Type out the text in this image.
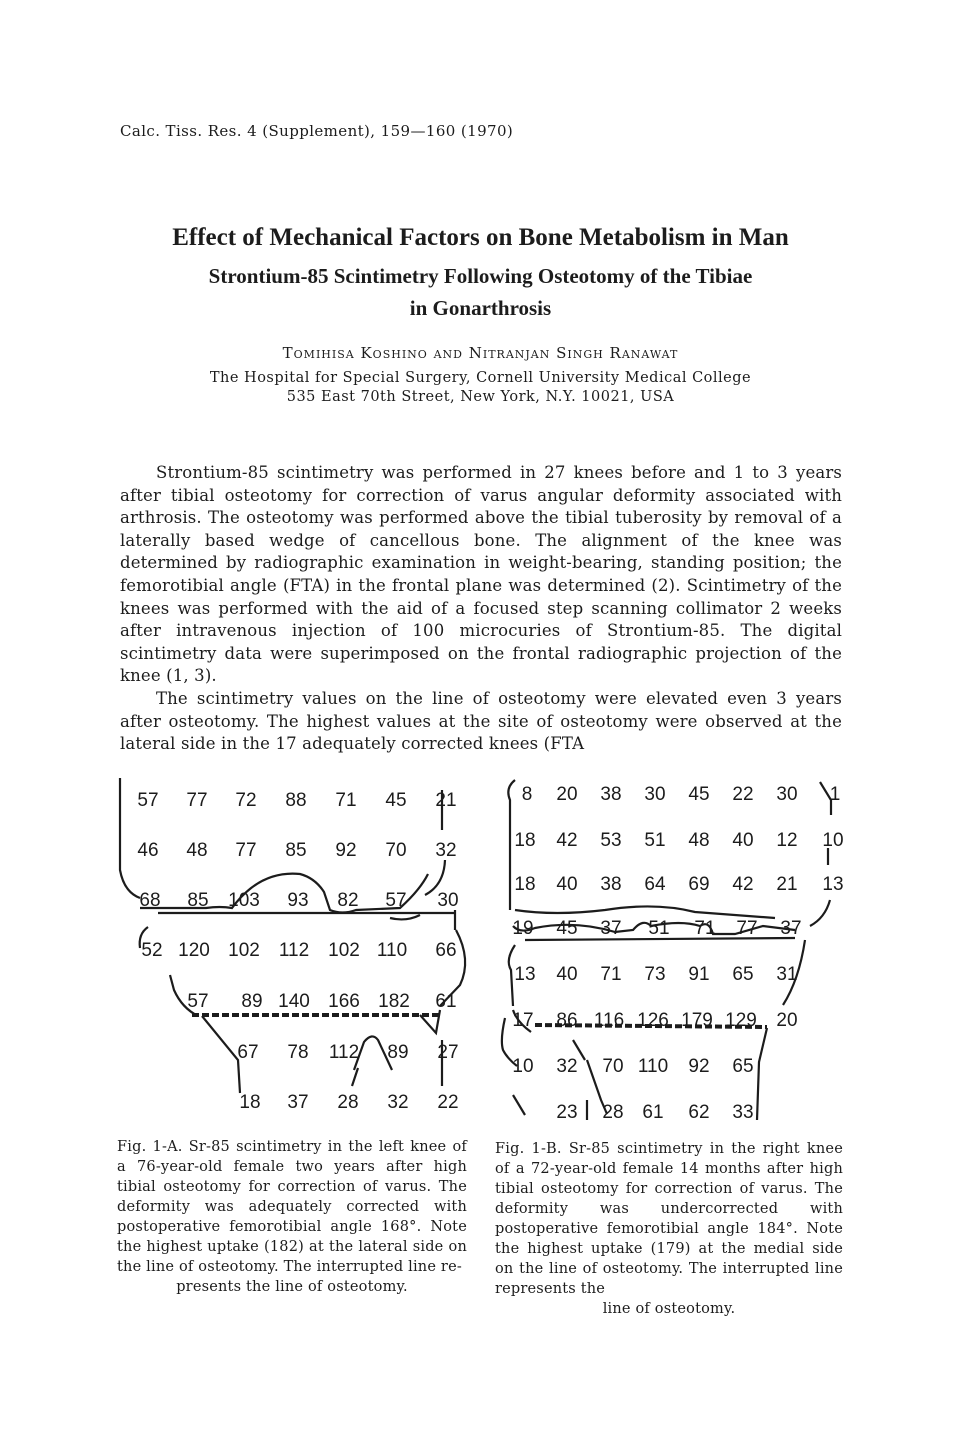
Calc. Tiss. Res. 4 (Supplement), 159—160 (1970)
Effect of Mechanical Factors on Bone Metabolism in Man
Strontium-85 Scintimetry Following Osteotomy of the Tibiae
in Gonarthrosis
Tomihisa Koshino and Nitranjan Singh Ranawat
The Hospital for Special Surgery, Cornell University Medical College
535 East 70th Street, New York, N.Y. 10021, USA

Strontium-85 scintimetry was performed in 27 knees before and 1 to 3 years after tibial osteotomy for correction of varus angular deformity associated with arthrosis. The osteotomy was performed above the tibial tuberosity by removal of a laterally based wedge of cancellous bone. The alignment of the knee was determined by radiographic examination in weight-bearing, standing position; the femorotibial angle (FTA) in the frontal plane was determined (2). Scintimetry of the knees was performed with the aid of a focused step scanning collimator 2 weeks after intravenous injection of 100 microcuries of Strontium-85. The digital scintimetry data were superimposed on the frontal radiographic projection of the knee (1, 3).

The scintimetry values on the line of osteotomy were elevated even 3 years after osteotomy. The highest values at the site of osteotomy were observed at the lateral side in the 17 adequately corrected knees (FTA

57 77 72 88 71 45 21
46 48 77 85 92 70 32
68 85 103 93 82 57 30
52 120 102 112 102 110 66
57 89 140 166 182 61
67 78 112 89 27
18 37 28 32 22
8 20 38 30 45 22 30 1
18 42 53 51 48 40 12 10
18 40 38 64 69 42 21 13
19 45 37 51 71 77 37
13 40 71 73 91 65 31
17 86 116 126 179 129 20
10 32 70 110 92 65
23 28 61 62 33
Fig. 1-A. Sr-85 scintimetry in the left knee of a 76-year-old female two years after high tibial osteotomy for correction of varus. The deformity was adequately corrected with postoperative femorotibial angle 168°. Note the highest uptake (182) at the lateral side on the line of osteotomy. The interrupted line re-
presents the line of osteotomy.
Fig. 1-B. Sr-85 scintimetry in the right knee of a 72-year-old female 14 months after high tibial osteotomy for correction of varus. The deformity was undercorrected with postoperative femorotibial angle 184°. Note the highest uptake (179) at the medial side on the line of osteotomy. The interrupted line represents the
line of osteotomy.
